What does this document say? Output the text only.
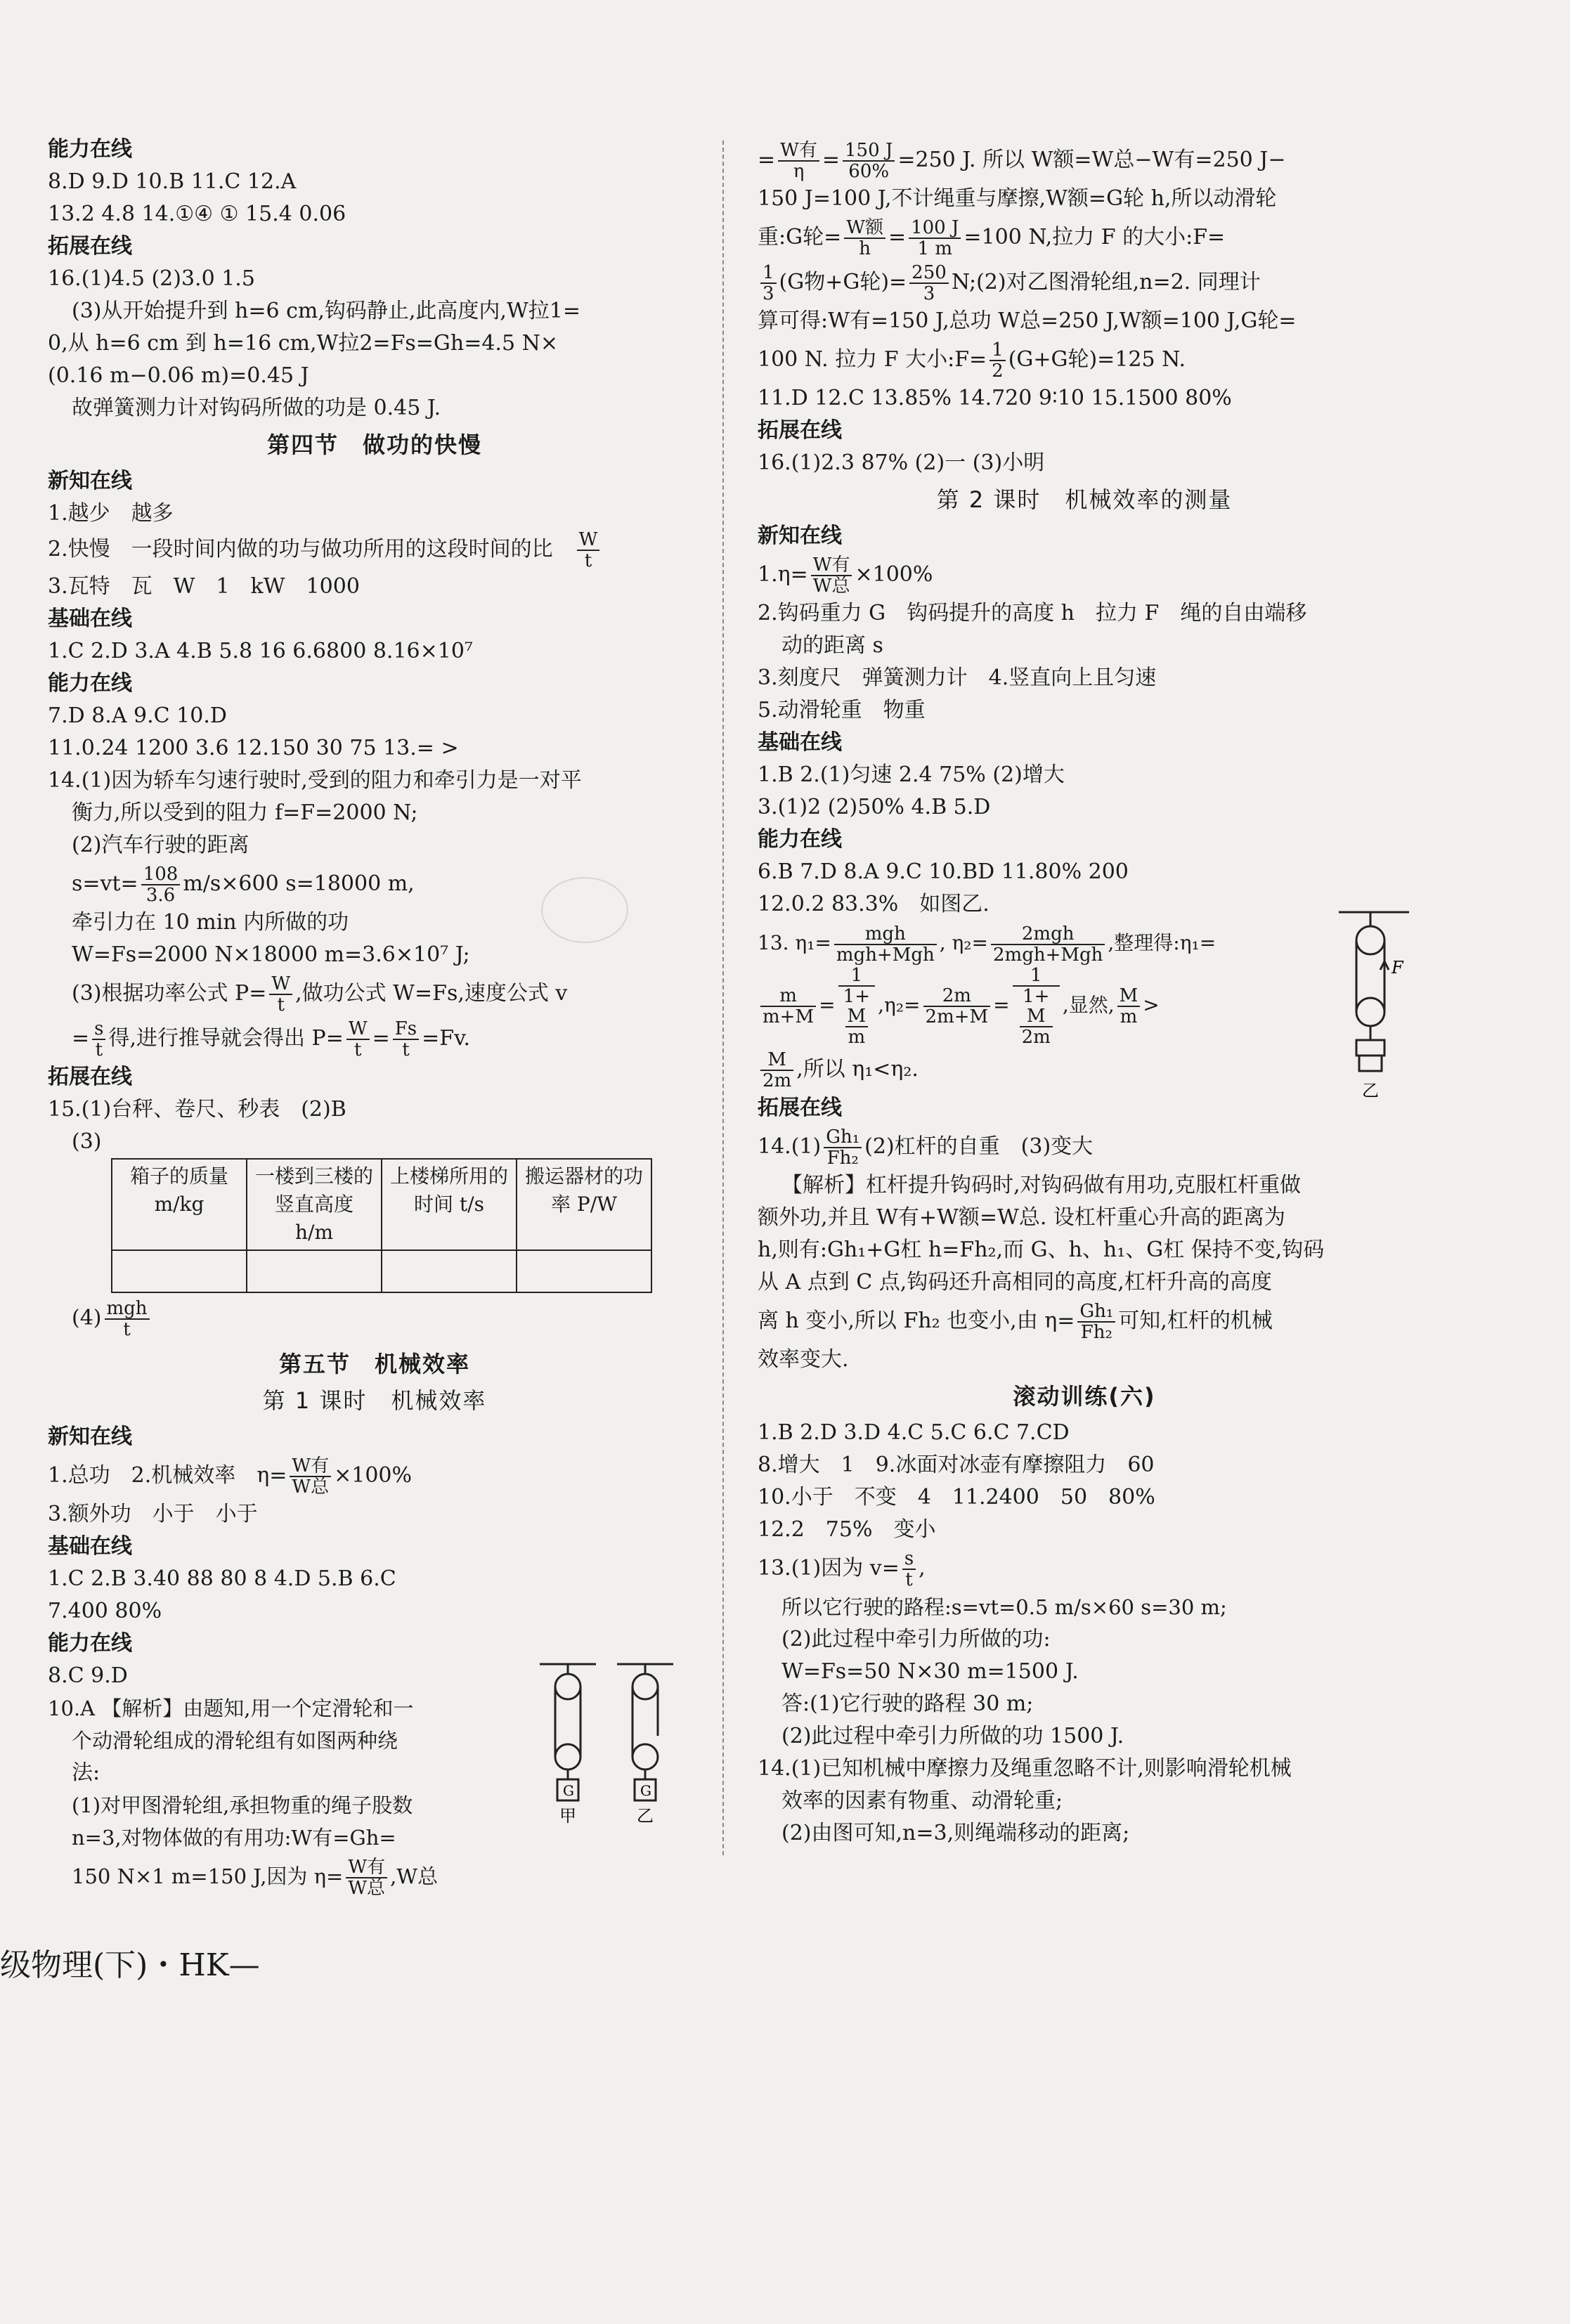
能力在线
8.D 9.D 10.B 11.C 12.A
13.2 4.8 14.①④ ① 15.4 0.06
拓展在线
16.(1)4.5 (2)3.0 1.5
(3)从开始提升到 h=6 cm,钩码静止,此高度内,W拉1=
0,从 h=6 cm 到 h=16 cm,W拉2=Fs=Gh=4.5 N×
(0.16 m−0.06 m)=0.45 J
故弹簧测力计对钩码所做的功是 0.45 J.
第四节　做功的快慢
新知在线
1.越少　越多
2.快慢　一段时间内做的功与做功所用的这段时间的比　 $\frac{W}{t}$
3.瓦特　瓦　W　1　kW　1000
基础在线
1.C 2.D 3.A 4.B 5.8 16 6.6800 8.16×10⁷
能力在线
7.D 8.A 9.C 10.D
11.0.24 1200 3.6 12.150 30 75 13.= >
14.(1)因为轿车匀速行驶时,受到的阻力和牵引力是一对平
衡力,所以受到的阻力 f=F=2000 N;
(2)汽车行驶的距离
$s=vt= \frac{108}{3.6} m/s\times 600$ s=18000 m,
牵引力在 10 min 内所做的功
W=Fs=2000 N×18000 m=3.6×10⁷ J;
(3)根据功率公式 $P= \frac{W}{t}$ ,做功公式 W=Fs,速度公式 v
= $\frac{s}{t}$ 得,进行推导就会得出 $P= \frac{W}{t} = \frac{Fs}{t} =Fv$.
拓展在线
15.(1)台秤、卷尺、秒表　(2)B
(3)
箱子的质量 m/kg	一楼到三楼的竖直高度 h/m	上楼梯所用的时间 t/s	搬运器材的功率 P/W

$(4) \frac{\text{mgh}}{t}$
第五节　机械效率
第 1 课时　机械效率
新知在线
1.总功　2.机械效率　$\eta= \frac{\text{W有}}{\text{W总}} \times 100\%$
3.额外功　小于　小于
基础在线
1.C 2.B 3.40 88 80 8 4.D 5.B 6.C
7.400 80%
能力在线
8.C 9.D
10.A 【解析】由题知,用一个定滑轮和一
个动滑轮组成的滑轮组有如图两种绕
法:
(1)对甲图滑轮组,承担物重的绳子股数
n=3,对物体做的有用功:W有=Gh=
150 N×1 m=150 J,因为 $\eta= \frac{\text{W有}}{\text{W总}} ,W$总
G	G
甲	乙
= $\frac{\text{W有}}{\eta} = \frac{150 J}{60\%} =250$ J. 所以 W额=W总−W有=250 J−
150 J=100 J,不计绳重与摩擦,W额=G轮 h,所以动滑轮
重:G轮= $\frac{\text{W额}}{h} = \frac{100 J}{1 m} =100$ N,拉力 F 的大小:F=
$\frac{1}{3} (G$物+G轮)= $\frac{250}{3}$ N;(2)对乙图滑轮组,n=2. 同理计
算可得:W有=150 J,总功 W总=250 J,W额=100 J,G轮=
100 N. 拉力 F 大小:F= $\frac{1}{2} (G+G$轮)=125 N.
11.D 12.C 13.85% 14.720 9∶10 15.1500 80%
拓展在线
16.(1)2.3 87% (2)一 (3)小明
第 2 课时　机械效率的测量
新知在线
$1.\eta= \frac{\text{W有}}{\text{W总}} \times 100\%$
2.钩码重力 G　钩码提升的高度 h　拉力 F　绳的自由端移
动的距离 s
3.刻度尺　弹簧测力计　4.竖直向上且匀速
5.动滑轮重　物重
基础在线
1.B 2.(1)匀速 2.4 75% (2)增大
3.(1)2 (2)50% 4.B 5.D
能力在线
6.B 7.D 8.A 9.C 10.BD 11.80% 200
12.0.2 83.3%　如图乙.
13. $\eta_1= \frac{\text{mgh}}{\text{mgh+Mgh}}$ , $\eta_2= \frac{\text{2mgh}}{\text{2mgh+Mgh}}$ ,整理得:η₁=
$\frac{m}{m+M} = 1$
1+
M
m $,\eta_2= \frac{2m}{2m+M} = 1$
1+
M
2m ,显然, $\frac{M}{m}$ >
$\frac{M}{2m}$ ,所以 η₁<η₂.
拓展在线
$14.(1) \frac{\text{Gh₁}}{\text{Fh₂}} (2)$杠杆的自重　(3)变大
【解析】杠杆提升钩码时,对钩码做有用功,克服杠杆重做
额外功,并且 W有+W额=W总. 设杠杆重心升高的距离为
h,则有:Gh₁+G杠 h=Fh₂,而 G、h、h₁、G杠 保持不变,钩码
从 A 点到 C 点,钩码还升高相同的高度,杠杆升高的高度
离 h 变小,所以 Fh₂ 也变小,由 $\eta= \frac{\text{Gh₁}}{\text{Fh₂}}$ 可知,杠杆的机械
效率变大.
滚动训练(六)
1.B 2.D 3.D 4.C 5.C 6.C 7.CD
8.增大　1　9.冰面对冰壶有摩擦阻力　60
10.小于　不变　4　11.2400　50　80%
12.2　75%　变小
13.(1)因为 $v= \frac{s}{t}$ ,
所以它行驶的路程:s=vt=0.5 m/s×60 s=30 m;
(2)此过程中牵引力所做的功:
W=Fs=50 N×30 m=1500 J.
答:(1)它行驶的路程 30 m;
(2)此过程中牵引力所做的功 1500 J.
14.(1)已知机械中摩擦力及绳重忽略不计,则影响滑轮机械
效率的因素有物重、动滑轮重;
(2)由图可知,n=3,则绳端移动的距离;
F
乙
级物理(下)・HK—
